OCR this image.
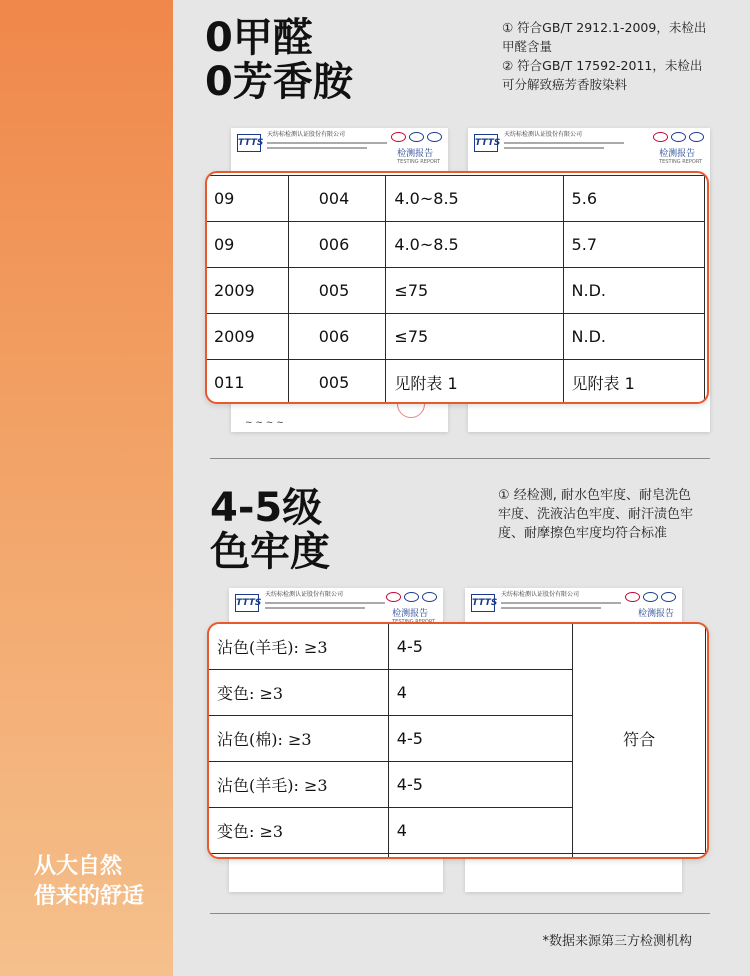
从大自然
借来的舒适
0甲醛
0芳香胺
① 符合GB/T 2912.1-2009，未检出
甲醛含量
② 符合GB/T 17592-2011，未检出
可分解致癌芳香胺染料
TTTS
天纺标检测认证股份有限公司
检测报告
TESTING REPORT
~ ~ ~ ~
TTTS
天纺标检测认证股份有限公司
检测报告
TESTING REPORT
09	004	4.0~8.5	5.6
09	006	4.0~8.5	5.7
2009	005	≤75	N.D.
2009	006	≤75	N.D.
011	005	见附表 1	见附表 1
4-5级
色牢度
① 经检测, 耐水色牢度、耐皂洗色
牢度、洗液沾色牢度、耐汗渍色牢
度、耐摩擦色牢度均符合标准
TTTS
天纺标检测认证股份有限公司
检测报告
TTTS
天纺标检测认证股份有限公司
检测报告
沾色(羊毛): ≥3	4-5	符合
变色: ≥3	4	
沾色(棉): ≥3	4-5	
沾色(羊毛): ≥3	4-5	
变色: ≥3	4	

*数据来源第三方检测机构
